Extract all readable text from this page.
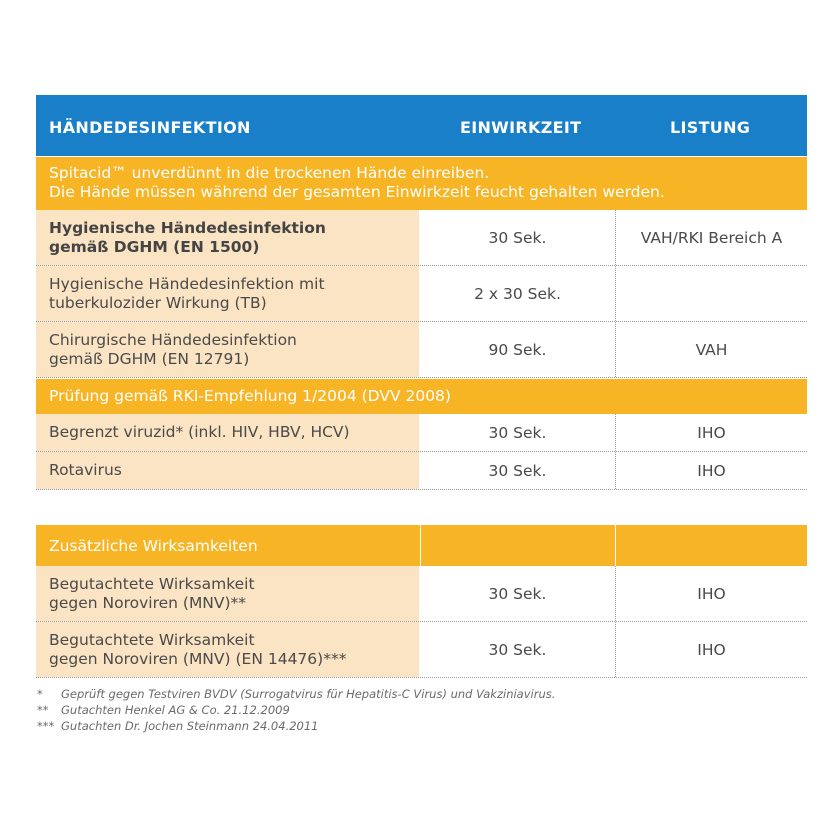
HÄNDEDESINFEKTION	EINWIRKZEIT	LISTUNG
Spitacid™ unverdünnt in die trockenen Hände einreiben.
Die Hände müssen während der gesamten Einwirkzeit feucht gehalten werden.
Hygienische Händedesinfektion
gemäß DGHM (EN 1500)	30 Sek.	VAH/RKI Bereich A
Hygienische Händedesinfektion mit
tuberkulozider Wirkung (TB)	2 x 30 Sek.
Chirurgische Händedesinfektion
gemäß DGHM (EN 12791)	90 Sek.	VAH
Prüfung gemäß RKI-Empfehlung 1/2004 (DVV 2008)
Begrenzt viruzid* (inkl. HIV, HBV, HCV)	30 Sek.	IHO
Rotavirus	30 Sek.	IHO
Zusätzliche Wirksamkeiten
Begutachtete Wirksamkeit
gegen Noroviren (MNV)**	30 Sek.	IHO
Begutachtete Wirksamkeit
gegen Noroviren (MNV) (EN 14476)***	30 Sek.	IHO
*	Geprüft gegen Testviren BVDV (Surrogatvirus für Hepatitis-C Virus) und Vakziniavirus.
**	Gutachten Henkel AG & Co. 21.12.2009
*** Gutachten Dr. Jochen Steinmann 24.04.2011
